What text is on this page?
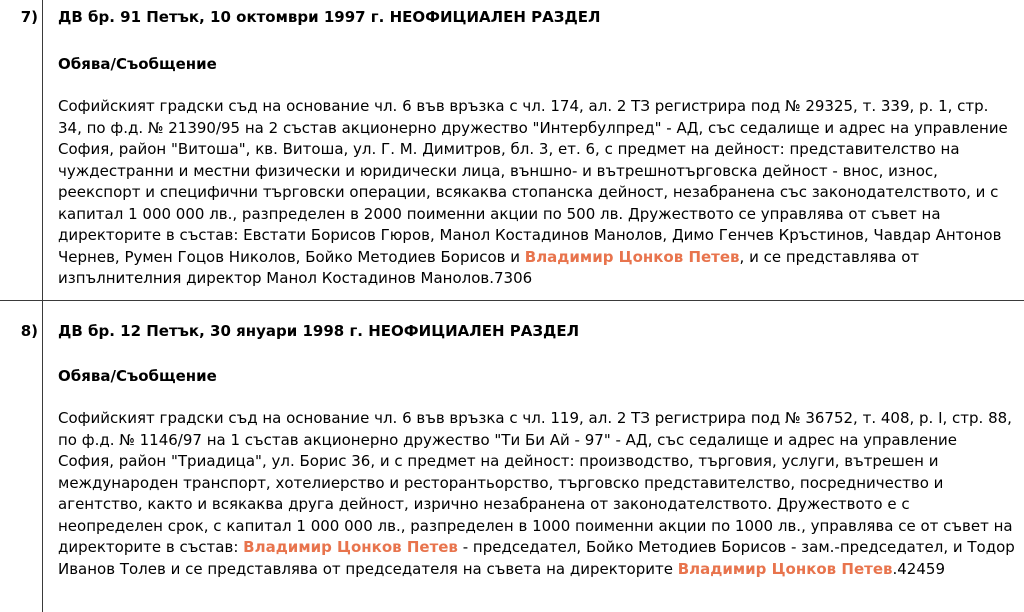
7) ДВ бр. 91 Петък, 10 октомври 1997 г. НЕОФИЦИАЛЕН РАЗДЕЛ

Обява/Съобщение

Софийският градски съд на основание чл. 6 във връзка с чл. 174, ал. 2 ТЗ регистрира под № 29325, т. 339, р. 1, стр. 34, по ф.д. № 21390/95 на 2 състав акционерно дружество "Интербулпред" - АД, със седалище и адрес на управление София, район "Витоша", кв. Витоша, ул. Г. М. Димитров, бл. 3, ет. 6, с предмет на дейност: представителство на чуждестранни и местни физически и юридически лица, външно- и вътрешнотърговска дейност - внос, износ, реекспорт и специфични търговски операции, всякаква стопанска дейност, незабранена със законодателството, и с капитал 1 000 000 лв., разпределен в 2000 поименни акции по 500 лв. Дружеството се управлява от съвет на директорите в състав: Евстати Борисов Гюров, Манол Костадинов Манолов, Димо Генчев Кръстинов, Чавдар Антонов Чернев, Румен Гоцов Николов, Бойко Методиев Борисов и Владимир Цонков Петев, и се представлява от изпълнителния директор Манол Костадинов Манолов.7306

8) ДВ бр. 12 Петък, 30 януари 1998 г. НЕОФИЦИАЛЕН РАЗДЕЛ

Обява/Съобщение

Софийският градски съд на основание чл. 6 във връзка с чл. 119, ал. 2 ТЗ регистрира под № 36752, т. 408, р. I, стр. 88, по ф.д. № 1146/97 на 1 състав акционерно дружество "Ти Би Ай - 97" - АД, със седалище и адрес на управление София, район "Триадица", ул. Борис 36, и с предмет на дейност: производство, търговия, услуги, вътрешен и международен транспорт, хотелиерство и ресторантьорство, търговско представителство, посредничество и агентство, както и всякаква друга дейност, изрично незабранена от законодателството. Дружеството е с неопределен срок, с капитал 1 000 000 лв., разпределен в 1000 поименни акции по 1000 лв., управлява се от съвет на директорите в състав: Владимир Цонков Петев - председател, Бойко Методиев Борисов - зам.-председател, и Тодор Иванов Толев и се представлява от председателя на съвета на директорите Владимир Цонков Петев.42459
